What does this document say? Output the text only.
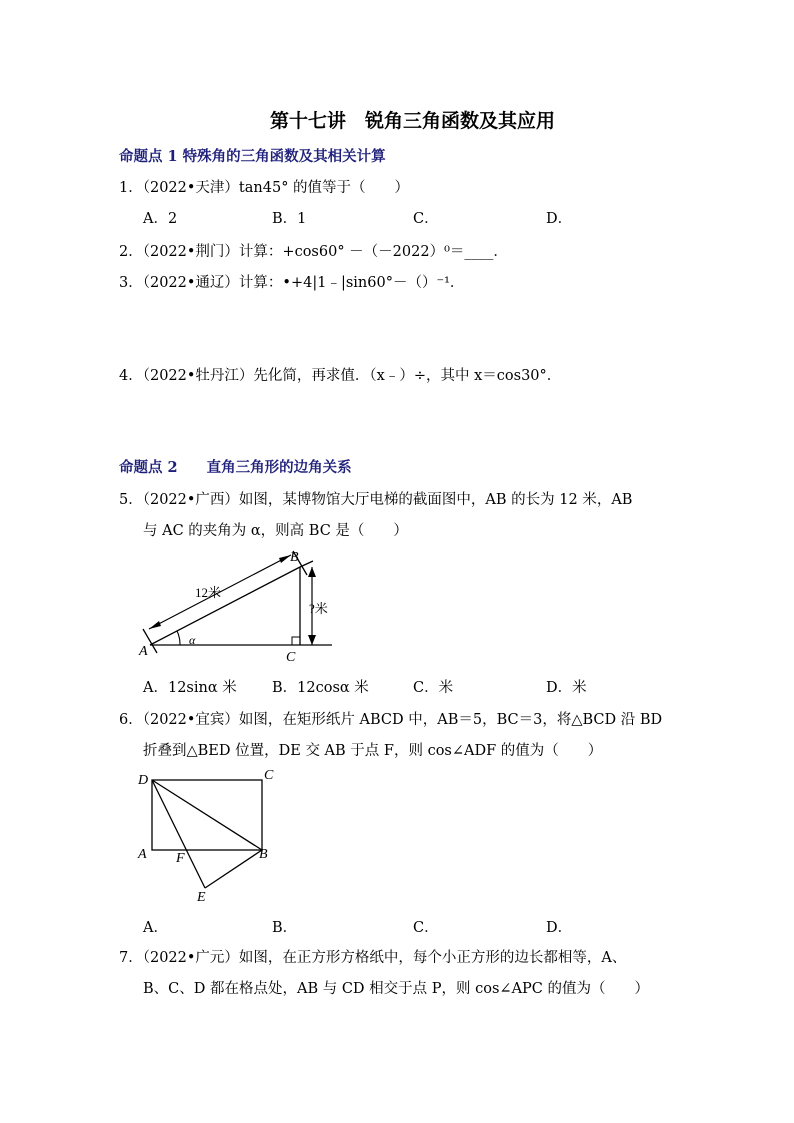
第十七讲　锐角三角函数及其应用
命题点 1 特殊角的三角函数及其相关计算
1．（2022•天津）tan45° 的值等于（　　）
A．2	B．1	C．	D．
2．（2022•荆门）计算：+cos60° －（－2022）⁰＝____．
3．（2022•通辽）计算：•+4|1﹣|sin60°－（）⁻¹．
4．（2022•牡丹江）先化简，再求值．（x﹣）÷，其中 x＝cos30°．
命题点 2　　直角三角形的边角关系
5．（2022•广西）如图，某博物馆大厅电梯的截面图中，AB 的长为 12 米，AB
与 AC 的夹角为 α，则高 BC 是（　　）
A
B
C
12米
?米
α
A．12sinα 米 B．12cosα 米	C．米	D．米
6．（2022•宜宾）如图，在矩形纸片 ABCD 中，AB＝5，BC＝3，将△BCD 沿 BD
折叠到△BED 位置，DE 交 AB 于点 F，则 cos∠ADF 的值为（　　）
D	C
A	B
F
E
A．	B．	C．	D．
7．（2022•广元）如图，在正方形方格纸中，每个小正方形的边长都相等，A、
B、C、D 都在格点处，AB 与 CD 相交于点 P，则 cos∠APC 的值为（　　）
